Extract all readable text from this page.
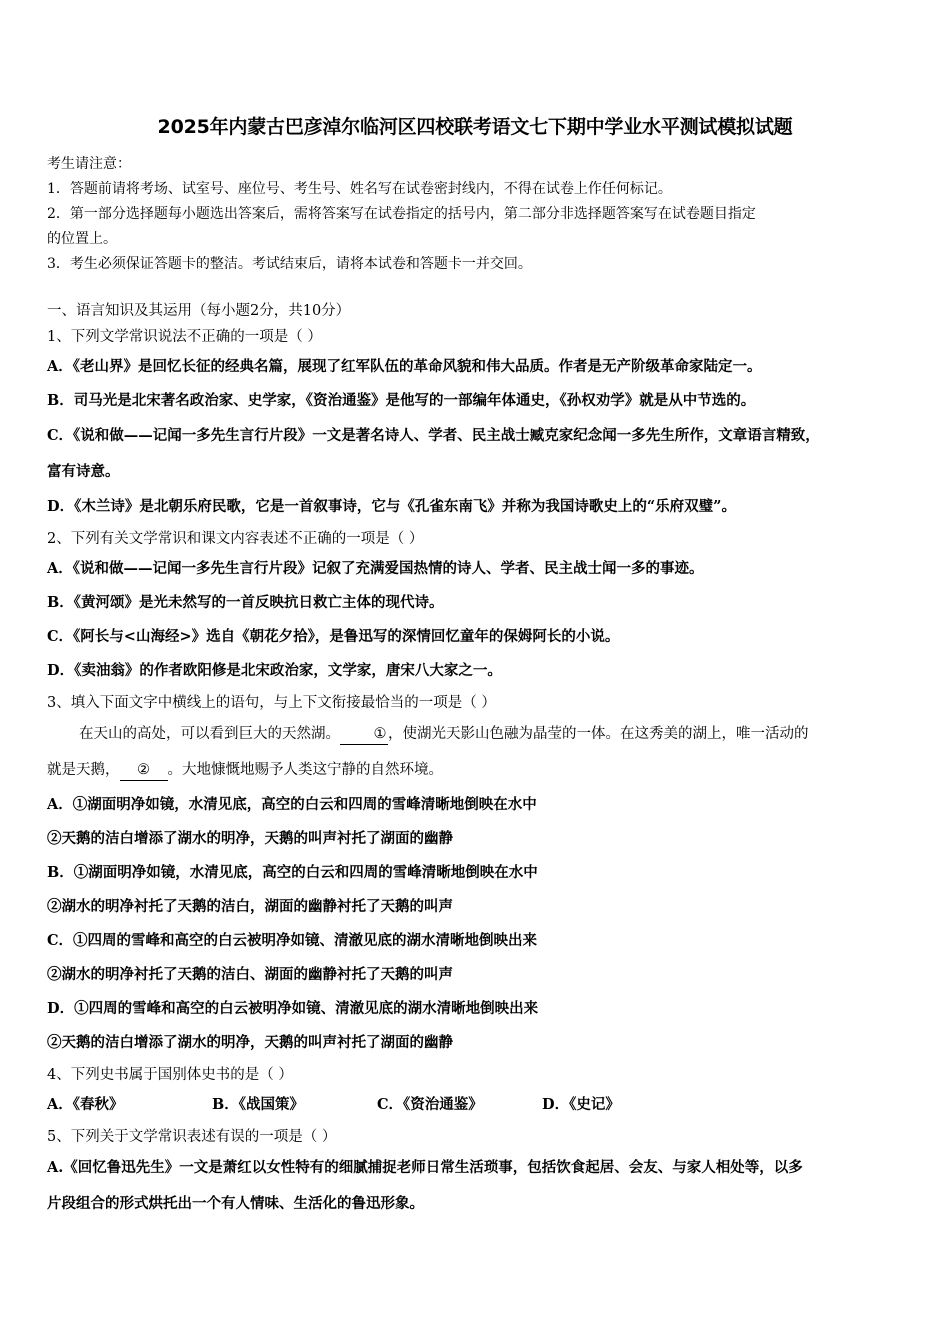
2025年内蒙古巴彦淖尔临河区四校联考语文七下期中学业水平测试模拟试题
考生请注意：
1．答题前请将考场、试室号、座位号、考生号、姓名写在试卷密封线内，不得在试卷上作任何标记。
2．第一部分选择题每小题选出答案后，需将答案写在试卷指定的括号内，第二部分非选择题答案写在试卷题目指定
的位置上。
3．考生必须保证答题卡的整洁。考试结束后，请将本试卷和答题卡一并交回。
一、语言知识及其运用（每小题2分，共10分）
1、下列文学常识说法不正确的一项是（ ）
A．《老山界》是回忆长征的经典名篇，展现了红军队伍的革命风貌和伟大品质。作者是无产阶级革命家陆定一。
B．司马光是北宋著名政治家、史学家，《资治通鉴》是他写的一部编年体通史，《孙权劝学》就是从中节选的。
C．《说和做——记闻一多先生言行片段》一文是著名诗人、学者、民主战士臧克家纪念闻一多先生所作，文章语言精致，
富有诗意。
D．《木兰诗》是北朝乐府民歌，它是一首叙事诗，它与《孔雀东南飞》并称为我国诗歌史上的“乐府双璧”。
2、下列有关文学常识和课文内容表述不正确的一项是（ ）
A．《说和做——记闻一多先生言行片段》记叙了充满爱国热情的诗人、学者、民主战士闻一多的事迹。
B．《黄河颂》是光未然写的一首反映抗日救亡主体的现代诗。
C．《阿长与<山海经>》选自《朝花夕拾》，是鲁迅写的深情回忆童年的保姆阿长的小说。
D．《卖油翁》的作者欧阳修是北宋政治家，文学家，唐宋八大家之一。
3、填入下面文字中横线上的语句，与上下文衔接最恰当的一项是（ ）
在天山的高处，可以看到巨大的天然湖。 ① ，使湖光天影山色融为晶莹的一体。在这秀美的湖上，唯一活动的
就是天鹅， ② 。大地慷慨地赐予人类这宁静的自然环境。
A．①湖面明净如镜，水清见底，高空的白云和四周的雪峰清晰地倒映在水中
②天鹅的洁白增添了湖水的明净，天鹅的叫声衬托了湖面的幽静
B．①湖面明净如镜，水清见底，高空的白云和四周的雪峰清晰地倒映在水中
②湖水的明净衬托了天鹅的洁白，湖面的幽静衬托了天鹅的叫声
C．①四周的雪峰和高空的白云被明净如镜、清澈见底的湖水清晰地倒映出来
②湖水的明净衬托了天鹅的洁白、湖面的幽静衬托了天鹅的叫声
D．①四周的雪峰和高空的白云被明净如镜、清澈见底的湖水清晰地倒映出来
②天鹅的洁白增添了湖水的明净，天鹅的叫声衬托了湖面的幽静
4、下列史书属于国别体史书的是（ ）
A．《春秋》	B．《战国策》	C．《资治通鉴》	D．《史记》
5、下列关于文学常识表述有误的一项是（ ）
A.《回忆鲁迅先生》一文是萧红以女性特有的细腻捕捉老师日常生活琐事，包括饮食起居、会友、与家人相处等，以多
片段组合的形式烘托出一个有人情味、生活化的鲁迅形象。
